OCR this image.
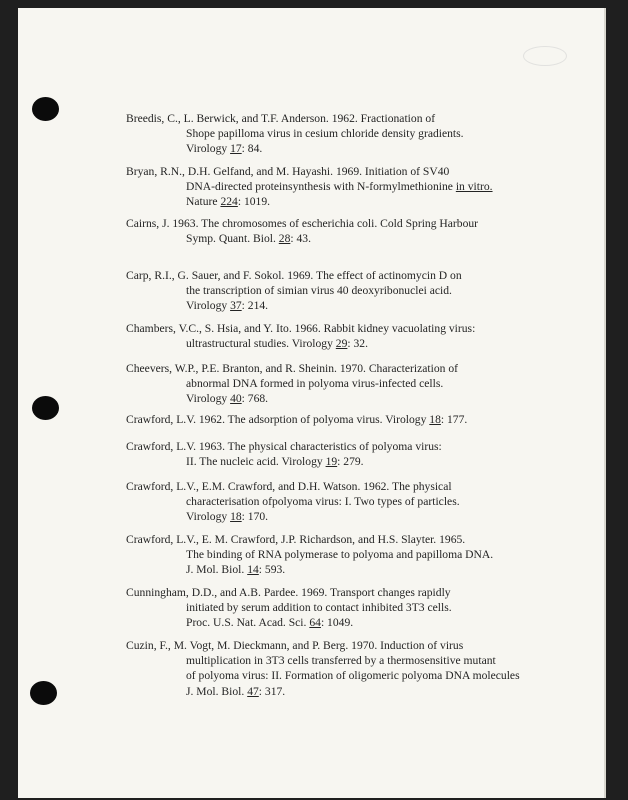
Breedis, C., L. Berwick, and T.F. Anderson. 1962. Fractionation of
Shope papilloma virus in cesium chloride density gradients.
Virology 17: 84.
Bryan, R.N., D.H. Gelfand, and M. Hayashi. 1969. Initiation of SV40
DNA-directed proteinsynthesis with N-formylmethionine in vitro.
Nature 224: 1019.
Cairns, J. 1963. The chromosomes of escherichia coli. Cold Spring Harbour
Symp. Quant. Biol. 28: 43.
Carp, R.I., G. Sauer, and F. Sokol. 1969. The effect of actinomycin D on
the transcription of simian virus 40 deoxyribonuclei acid.
Virology 37: 214.
Chambers, V.C., S. Hsia, and Y. Ito. 1966. Rabbit kidney vacuolating virus:
ultrastructural studies. Virology 29: 32.
Cheevers, W.P., P.E. Branton, and R. Sheinin. 1970. Characterization of
abnormal DNA formed in polyoma virus-infected cells.
Virology 40: 768.
Crawford, L.V. 1962. The adsorption of polyoma virus. Virology 18: 177.
Crawford, L.V. 1963. The physical characteristics of polyoma virus:
II. The nucleic acid. Virology 19: 279.
Crawford, L.V., E.M. Crawford, and D.H. Watson. 1962. The physical
characterisation ofpolyoma virus: I. Two types of particles.
Virology 18: 170.
Crawford, L.V., E. M. Crawford, J.P. Richardson, and H.S. Slayter. 1965.
The binding of RNA polymerase to polyoma and papilloma DNA.
J. Mol. Biol. 14: 593.
Cunningham, D.D., and A.B. Pardee. 1969. Transport changes rapidly
initiated by serum addition to contact inhibited 3T3 cells.
Proc. U.S. Nat. Acad. Sci. 64: 1049.
Cuzin, F., M. Vogt, M. Dieckmann, and P. Berg. 1970. Induction of virus
multiplication in 3T3 cells transferred by a thermosensitive mutant
of polyoma virus: II. Formation of oligomeric polyoma DNA molecules
J. Mol. Biol. 47: 317.
